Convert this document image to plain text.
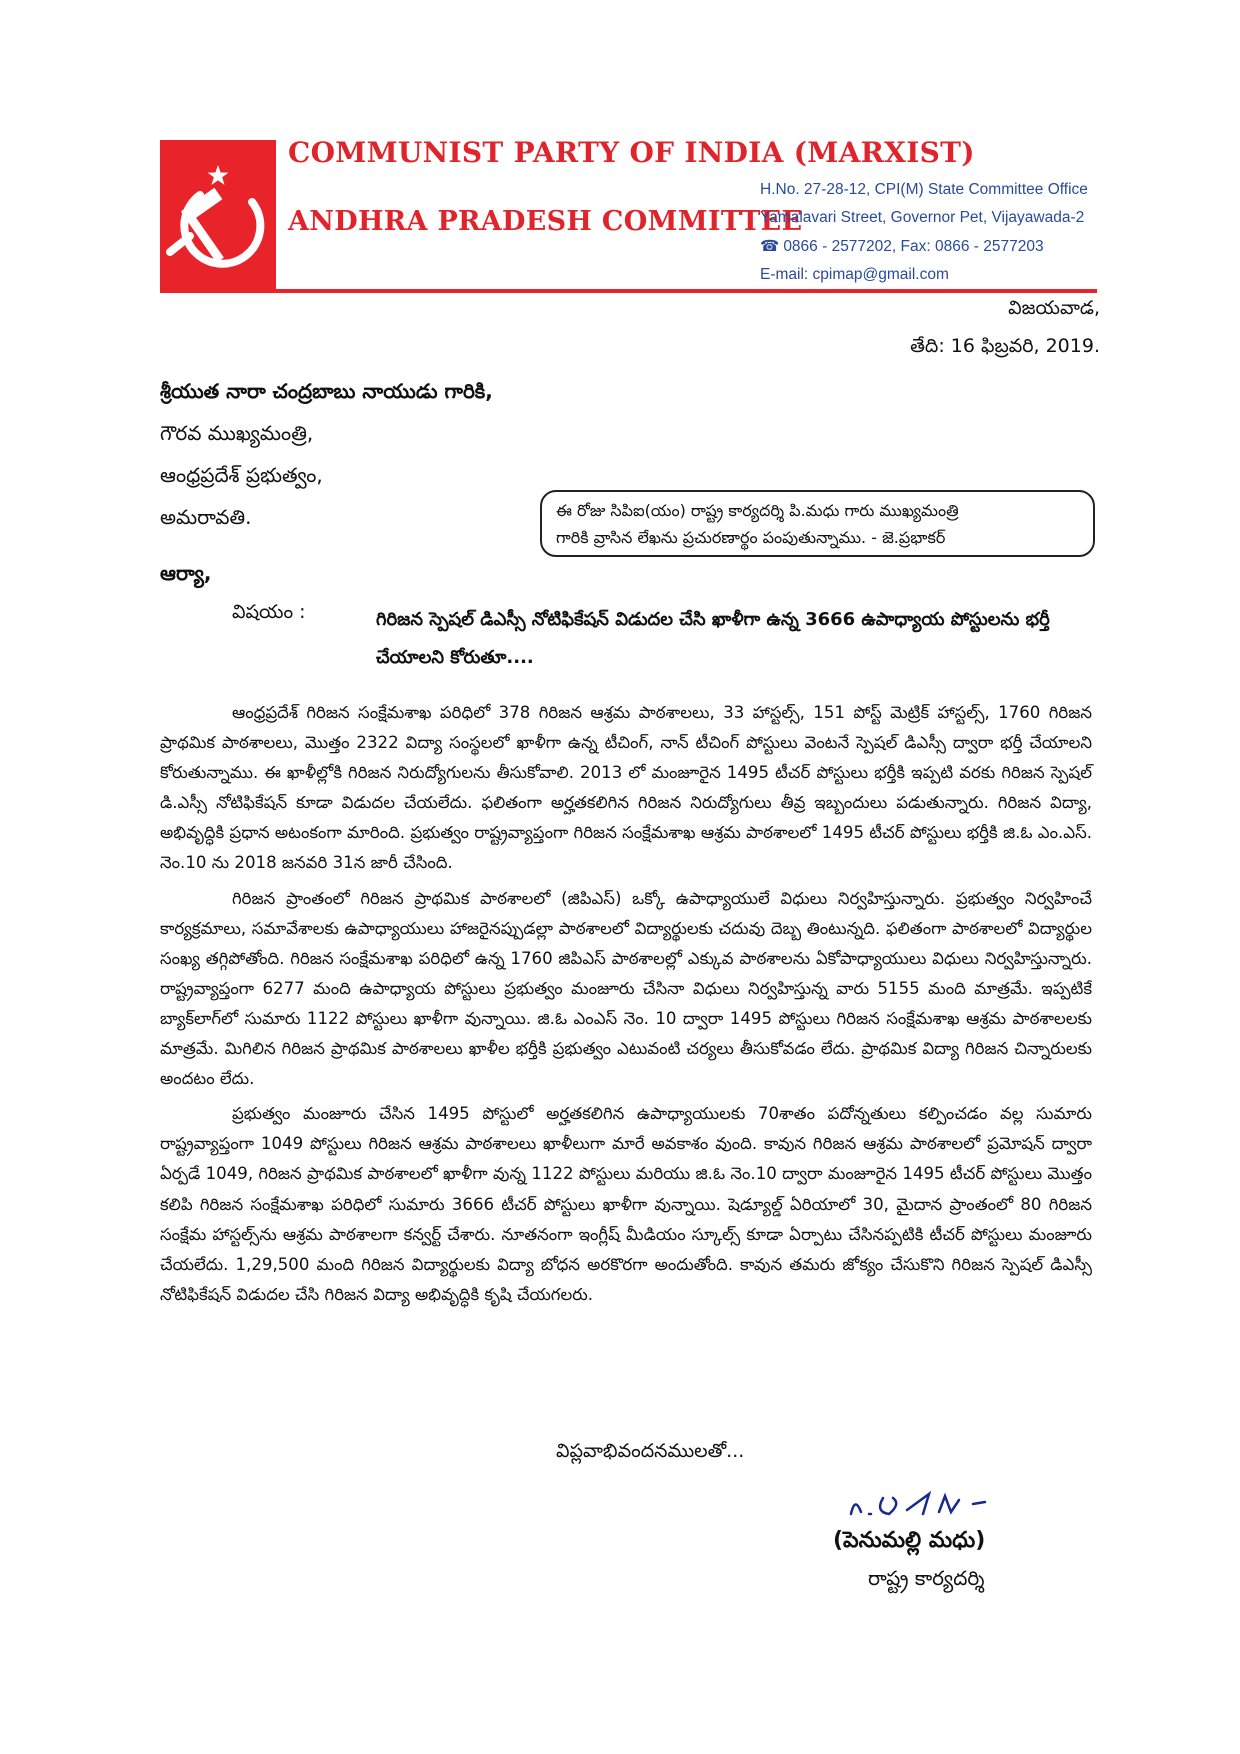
COMMUNIST PARTY OF INDIA (MARXIST)
ANDHRA PRADESH COMMITTEE
H.No. 27-28-12, CPI(M) State Committee Office
Yamalavari Street, Governor Pet, Vijayawada-2
☎ 0866 - 2577202, Fax: 0866 - 2577203
E-mail: cpimap@gmail.com
విజయవాడ,
తేది: 16 ఫిబ్రవరి, 2019.
శ్రీయుత నారా చంద్రబాబు నాయుడు గారికి,
గౌరవ ముఖ్యమంత్రి,
ఆంధ్రప్రదేశ్ ప్రభుత్వం,
అమరావతి.	ఈ రోజు సిపిఐ(యం) రాష్ట్ర కార్యదర్శి పి.మధు గారు ముఖ్యమంత్రి
గారికి వ్రాసిన లేఖను ప్రచురణార్థం పంపుతున్నాము. - జె.ప్రభాకర్
ఆర్యా,
విషయం :	గిరిజన స్పెషల్ డిఎస్సీ నోటిఫికేషన్ విడుదల చేసి ఖాళీగా ఉన్న 3666 ఉపాధ్యాయ పోస్టులను భర్తీ చేయాలని కోరుతూ....

ఆంధ్రప్రదేశ్ గిరిజన సంక్షేమశాఖ పరిధిలో 378 గిరిజన ఆశ్రమ పాఠశాలలు, 33 హాస్టల్స్, 151 పోస్ట్ మెట్రిక్ హాస్టల్స్, 1760 గిరిజన ప్రాథమిక పాఠశాలలు, మొత్తం 2322 విద్యా సంస్థలలో ఖాళీగా ఉన్న టీచింగ్, నాన్ టీచింగ్ పోస్టులు వెంటనే స్పెషల్ డిఎస్సీ ద్వారా భర్తీ చేయాలని కోరుతున్నాము. ఈ ఖాళీల్లోకి గిరిజన నిరుద్యోగులను తీసుకోవాలి. 2013 లో మంజూరైన 1495 టీచర్ పోస్టులు భర్తీకి ఇప్పటి వరకు గిరిజన స్పెషల్ డి.ఎస్సీ నోటిఫికేషన్ కూడా విడుదల చేయలేదు. ఫలితంగా అర్హతకలిగిన గిరిజన నిరుద్యోగులు తీవ్ర ఇబ్బందులు పడుతున్నారు. గిరిజన విద్యా, అభివృద్ధికి ప్రధాన అటంకంగా మారింది. ప్రభుత్వం రాష్ట్రవ్యాప్తంగా గిరిజన సంక్షేమశాఖ ఆశ్రమ పాఠశాలలో 1495 టీచర్ పోస్టులు భర్తీకి జి.ఓ ఎం.ఎస్. నెం.10 ను 2018 జనవరి 31న జారీ చేసింది.

గిరిజన ప్రాంతంలో గిరిజన ప్రాథమిక పాఠశాలలో (జిపిఎస్) ఒక్కో ఉపాధ్యాయులే విధులు నిర్వహిస్తున్నారు. ప్రభుత్వం నిర్వహించే కార్యక్రమాలు, సమావేశాలకు ఉపాధ్యాయులు హాజరైనప్పుడల్లా పాఠశాలలో విద్యార్థులకు చదువు దెబ్బ తింటున్నది. ఫలితంగా పాఠశాలలో విద్యార్థుల సంఖ్య తగ్గిపోతోంది. గిరిజన సంక్షేమశాఖ పరిధిలో ఉన్న 1760 జిపిఎస్ పాఠశాలల్లో ఎక్కువ పాఠశాలను ఏకోపాధ్యాయులు విధులు నిర్వహిస్తున్నారు. రాష్ట్రవ్యాప్తంగా 6277 మంది ఉపాధ్యాయ పోస్టులు ప్రభుత్వం మంజూరు చేసినా విధులు నిర్వహిస్తున్న వారు 5155 మంది మాత్రమే. ఇప్పటికే బ్యాక్‌లాగ్‌లో సుమారు 1122 పోస్టులు ఖాళీగా వున్నాయి. జి.ఓ ఎంఎస్ నెం. 10 ద్వారా 1495 పోస్టులు గిరిజన సంక్షేమశాఖ ఆశ్రమ పాఠశాలలకు మాత్రమే. మిగిలిన గిరిజన ప్రాథమిక పాఠశాలలు ఖాళీల భర్తీకి ప్రభుత్వం ఎటువంటి చర్యలు తీసుకోవడం లేదు. ప్రాథమిక విద్యా గిరిజన చిన్నారులకు అందటం లేదు.

ప్రభుత్వం మంజూరు చేసిన 1495 పోస్టులో అర్హతకలిగిన ఉపాధ్యాయులకు 70శాతం పదోన్నతులు కల్పించడం వల్ల సుమారు రాష్ట్రవ్యాప్తంగా 1049 పోస్టులు గిరిజన ఆశ్రమ పాఠశాలలు ఖాళీలుగా మారే అవకాశం వుంది. కావున గిరిజన ఆశ్రమ పాఠశాలలో ప్రమోషన్ ద్వారా ఏర్పడే 1049, గిరిజన ప్రాథమిక పాఠశాలలో ఖాళీగా వున్న 1122 పోస్టులు మరియు జి.ఓ నెం.10 ద్వారా మంజూరైన 1495 టీచర్ పోస్టులు మొత్తం కలిపి గిరిజన సంక్షేమశాఖ పరిధిలో సుమారు 3666 టీచర్ పోస్టులు ఖాళీగా వున్నాయి. షెడ్యూల్డ్ ఏరియాలో 30, మైదాన ప్రాంతంలో 80 గిరిజన సంక్షేమ హాస్టల్స్‌ను ఆశ్రమ పాఠశాలగా కన్వర్ట్ చేశారు. నూతనంగా ఇంగ్లీష్ మీడియం స్కూల్స్ కూడా ఏర్పాటు చేసినప్పటికి టీచర్ పోస్టులు మంజూరు చేయలేదు. 1,29,500 మంది గిరిజన విద్యార్థులకు విద్యా బోధన అరకొరగా అందుతోంది. కావున తమరు జోక్యం చేసుకొని గిరిజన స్పెషల్ డిఎస్సీ నోటిఫికేషన్ విడుదల చేసి గిరిజన విద్యా అభివృద్ధికి కృషి చేయగలరు.

విప్లవాభివందనములతో...
(పెనుమల్లి మధు)
రాష్ట్ర కార్యదర్శి
